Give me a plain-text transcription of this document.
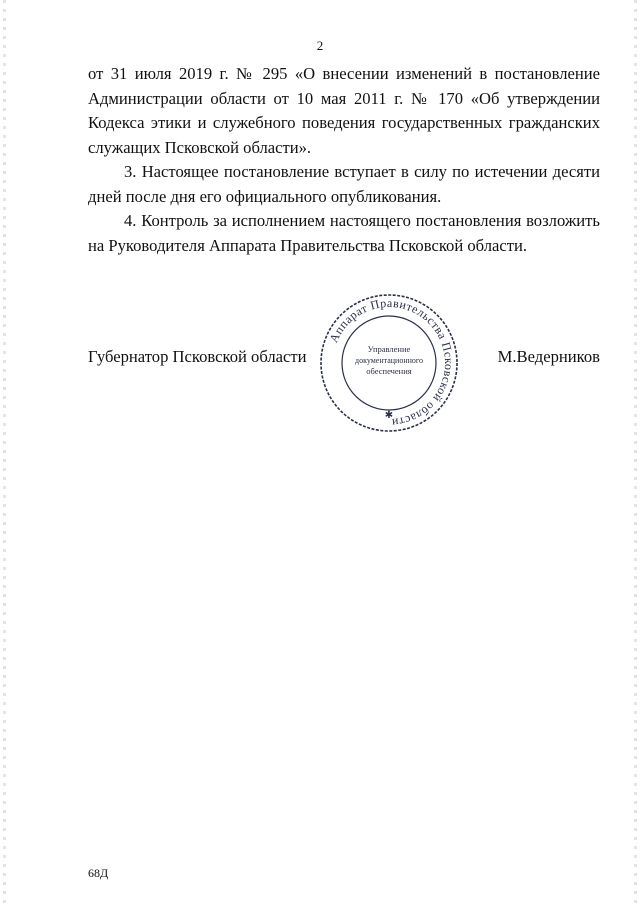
2

от 31 июля 2019 г. № 295 «О внесении изменений в постановление Администрации области от 10 мая 2011 г. № 170 «Об утверждении Кодекса этики и служебного поведения государственных гражданских служащих Псковской области».

3. Настоящее постановление вступает в силу по истечении десяти дней после дня его официального опубликования.

4. Контроль за исполнением настоящего постановления возложить на Руководителя Аппарата Правительства Псковской области.

Губернатор Псковской области	М.Ведерников
Аппарат Правительства Псковской области
Управление
документационного
обеспечения
✱
68Д
